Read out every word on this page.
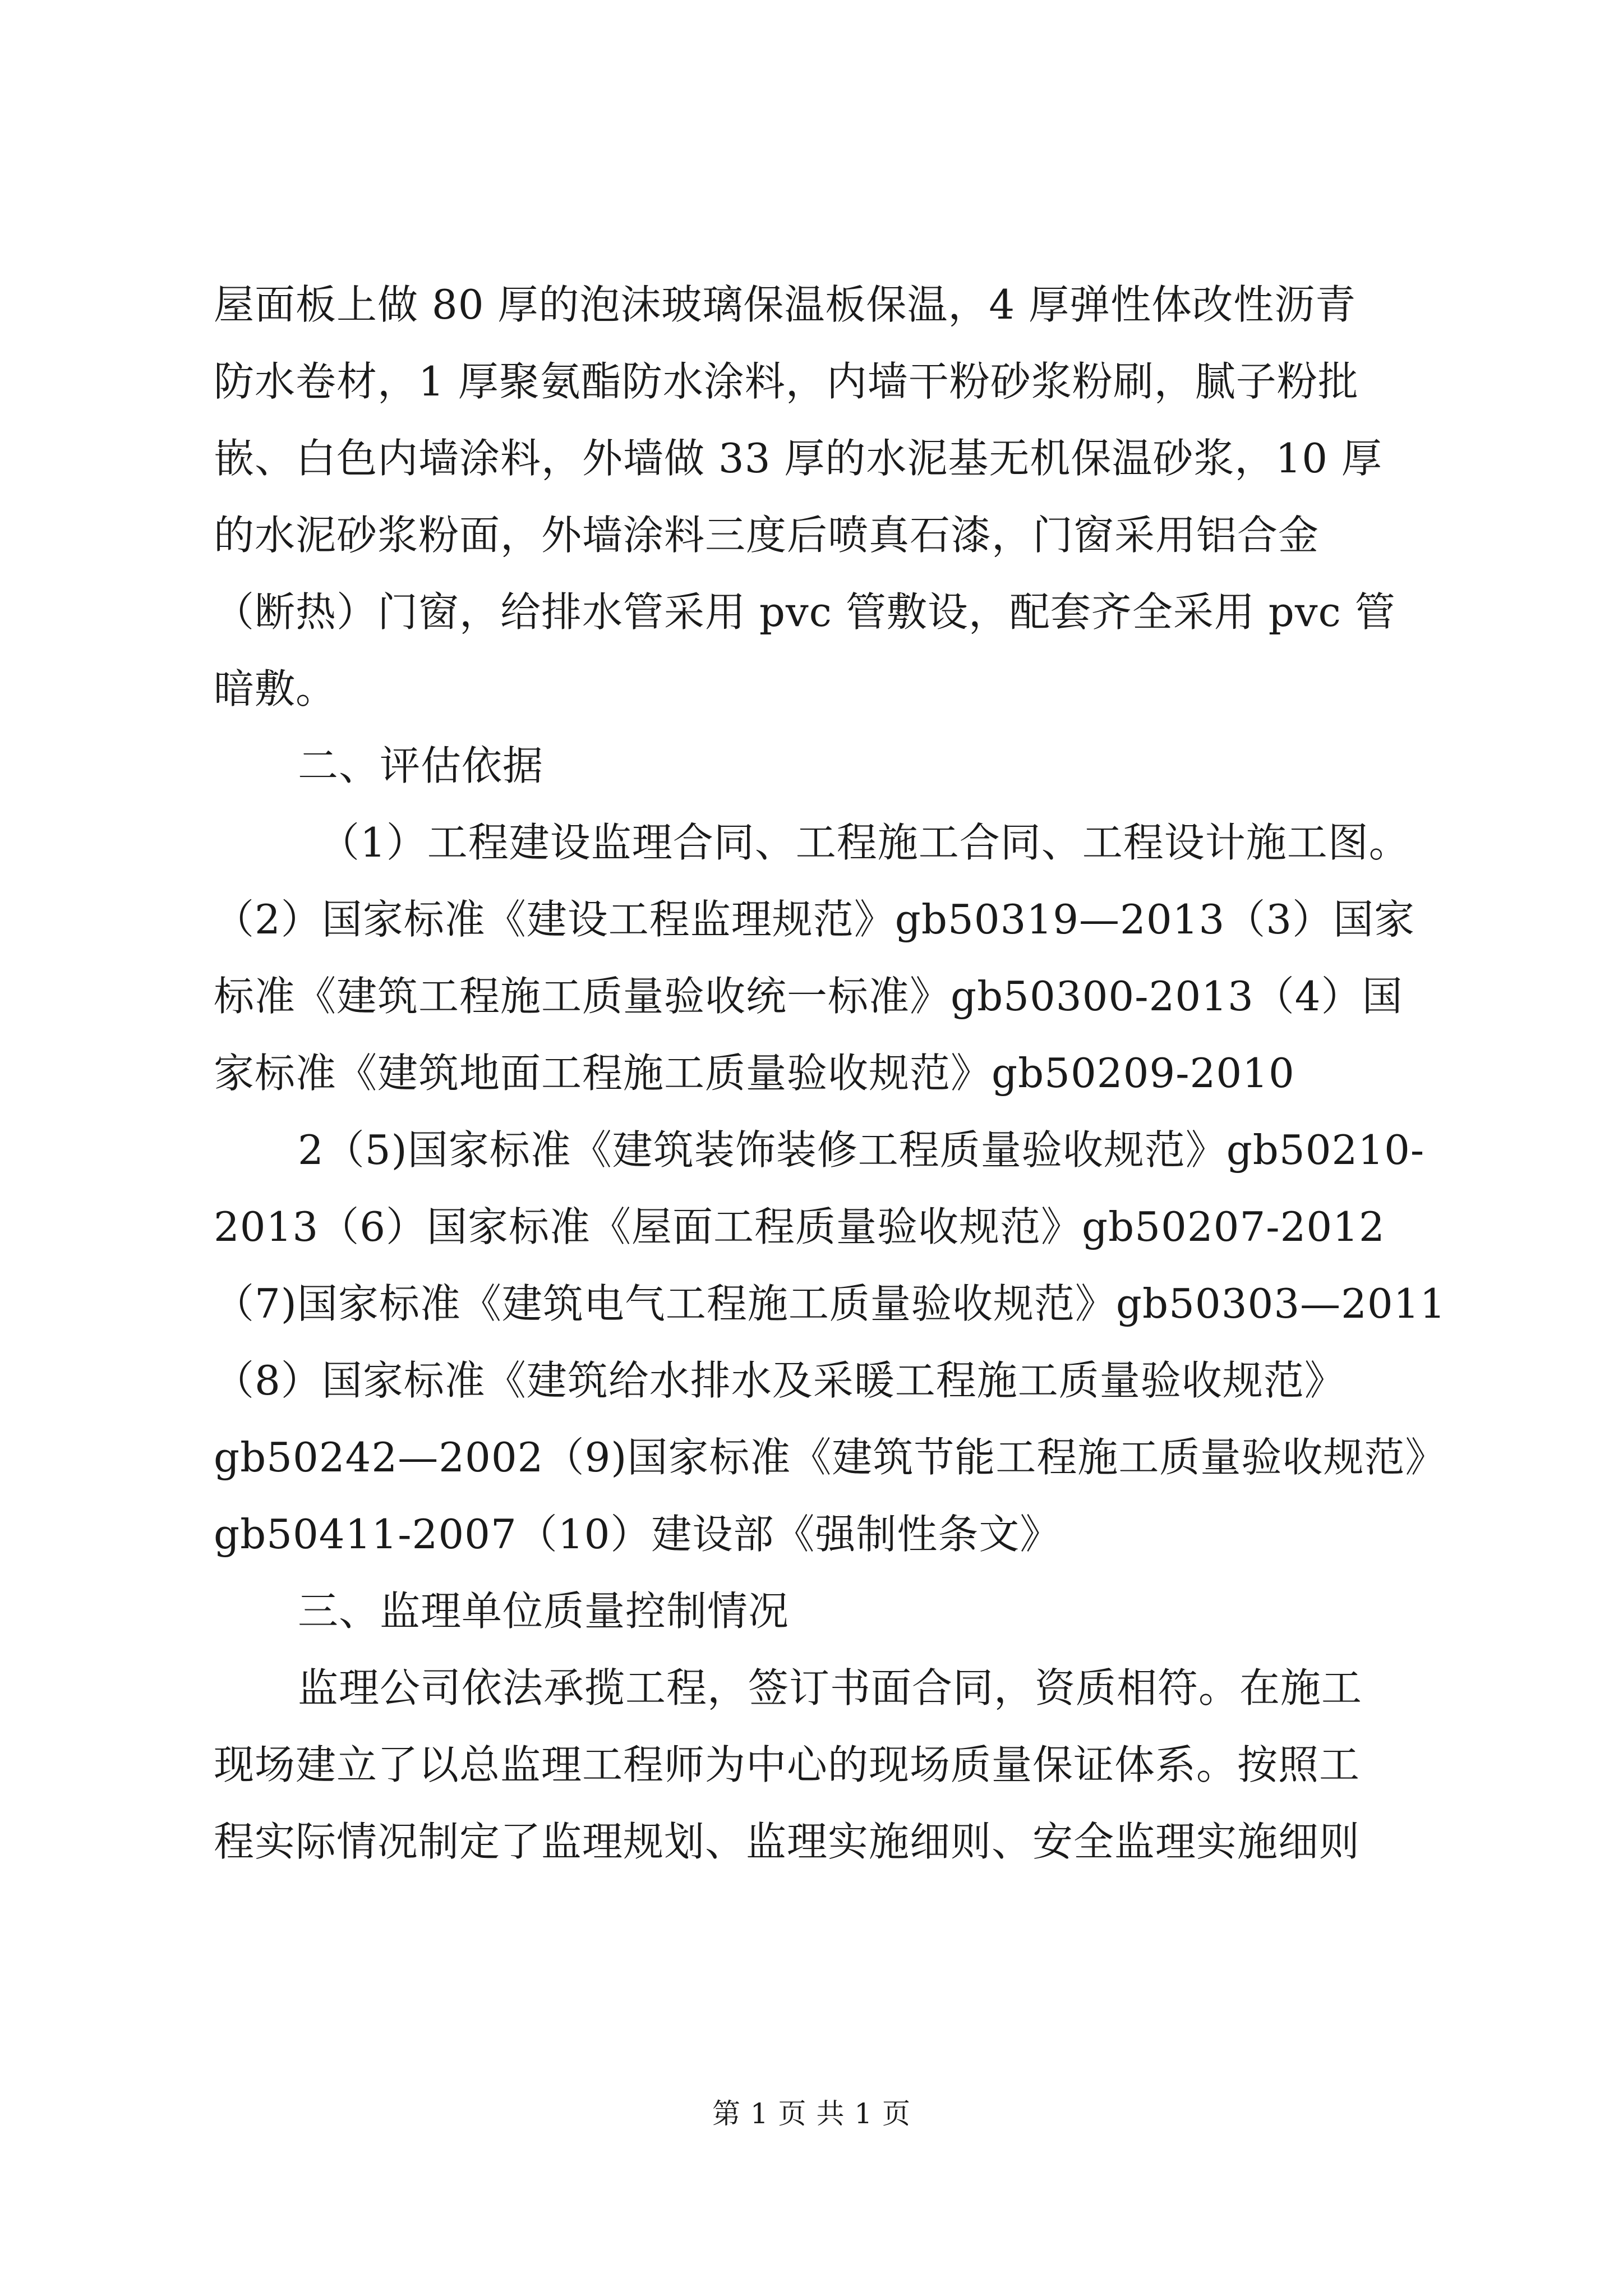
屋面板上做 80 厚的泡沫玻璃保温板保温，4 厚弹性体改性沥青
防水卷材，1 厚聚氨酯防水涂料，内墙干粉砂浆粉刷，腻子粉批
嵌、白色内墙涂料，外墙做 33 厚的水泥基无机保温砂浆，10 厚
的水泥砂浆粉面，外墙涂料三度后喷真石漆，门窗采用铝合金
（断热）门窗，给排水管采用 pvc 管敷设，配套齐全采用 pvc 管
暗敷。
二、评估依据
（1）工程建设监理合同、工程施工合同、工程设计施工图。
（2）国家标准《建设工程监理规范》gb50319—2013（3）国家
标准《建筑工程施工质量验收统一标准》gb50300-2013（4）国
家标准《建筑地面工程施工质量验收规范》gb50209-2010
2（5)国家标准《建筑装饰装修工程质量验收规范》gb50210-
2013（6）国家标准《屋面工程质量验收规范》gb50207-2012
（7)国家标准《建筑电气工程施工质量验收规范》gb50303—2011
（8）国家标准《建筑给水排水及采暖工程施工质量验收规范》
gb50242—2002（9)国家标准《建筑节能工程施工质量验收规范》
gb50411-2007（10）建设部《强制性条文》
三、监理单位质量控制情况
监理公司依法承揽工程，签订书面合同，资质相符。在施工
现场建立了以总监理工程师为中心的现场质量保证体系。按照工
程实际情况制定了监理规划、监理实施细则、安全监理实施细则
第 1 页 共 1 页
